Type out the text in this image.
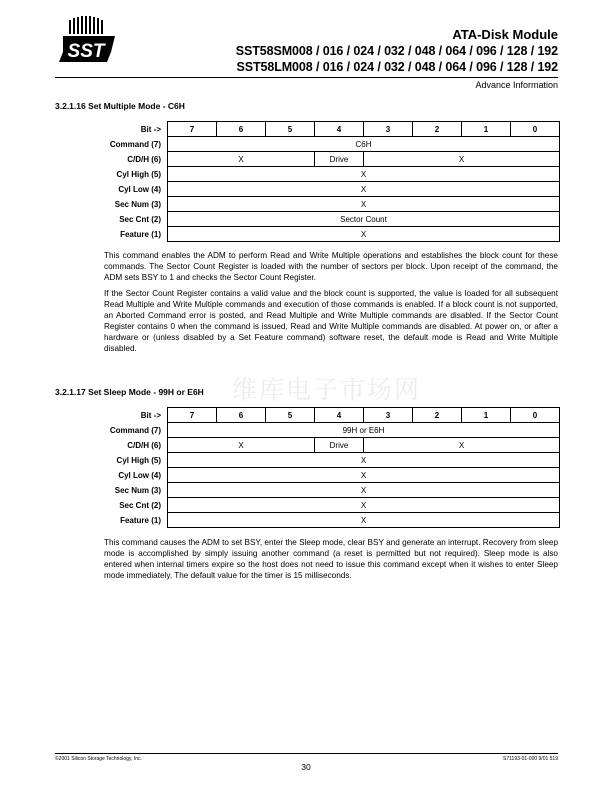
SST
ATA-Disk Module
SST58SM008 / 016 / 024 / 032 / 048 / 064 / 096 / 128 / 192
SST58LM008 / 016 / 024 / 032 / 048 / 064 / 096 / 128 / 192
Advance Information
3.2.1.16 Set Multiple Mode - C6H
Bit ->	7	6	5	4	3	2	1	0
Command (7)	C6H							
C/D/H (6)	X			Drive	X			
Cyl High (5)	X							
Cyl Low (4)	X							
Sec Num (3)	X							
Sec Cnt (2)	Sector Count							
Feature (1)	X							

This command enables the ADM to perform Read and Write Multiple operations and establishes the block count for these commands. The Sector Count Register is loaded with the number of sectors per block. Upon receipt of the command, the ADM sets BSY to 1 and checks the Sector Count Register.

If the Sector Count Register contains a valid value and the block count is supported, the value is loaded for all subsequent Read Multiple and Write Multiple commands and execution of those commands is enabled. If a block count is not supported, an Aborted Command error is posted, and Read Multiple and Write Multiple commands are disabled. If the Sector Count Register contains 0 when the command is issued, Read and Write Multiple commands are disabled. At power on, or after a hardware or (unless disabled by a Set Feature command) software reset, the default mode is Read and Write Multiple disabled.

维库电子市场网
3.2.1.17 Set Sleep Mode - 99H or E6H
Bit ->	7	6	5	4	3	2	1	0
Command (7)	99H or E6H							
C/D/H (6)	X			Drive	X			
Cyl High (5)	X							
Cyl Low (4)	X							
Sec Num (3)	X							
Sec Cnt (2)	X							
Feature (1)	X							

This command causes the ADM to set BSY, enter the Sleep mode, clear BSY and generate an interrupt. Recovery from sleep mode is accomplished by simply issuing another command (a reset is permitted but not required). Sleep mode is also entered when internal timers expire so the host does not need to issue this command except when it wishes to enter Sleep mode immediately. The default value for the timer is 15 milliseconds.

©2001 Silicon Storage Technology, Inc.	S71193-01-000 9/01 519
30
